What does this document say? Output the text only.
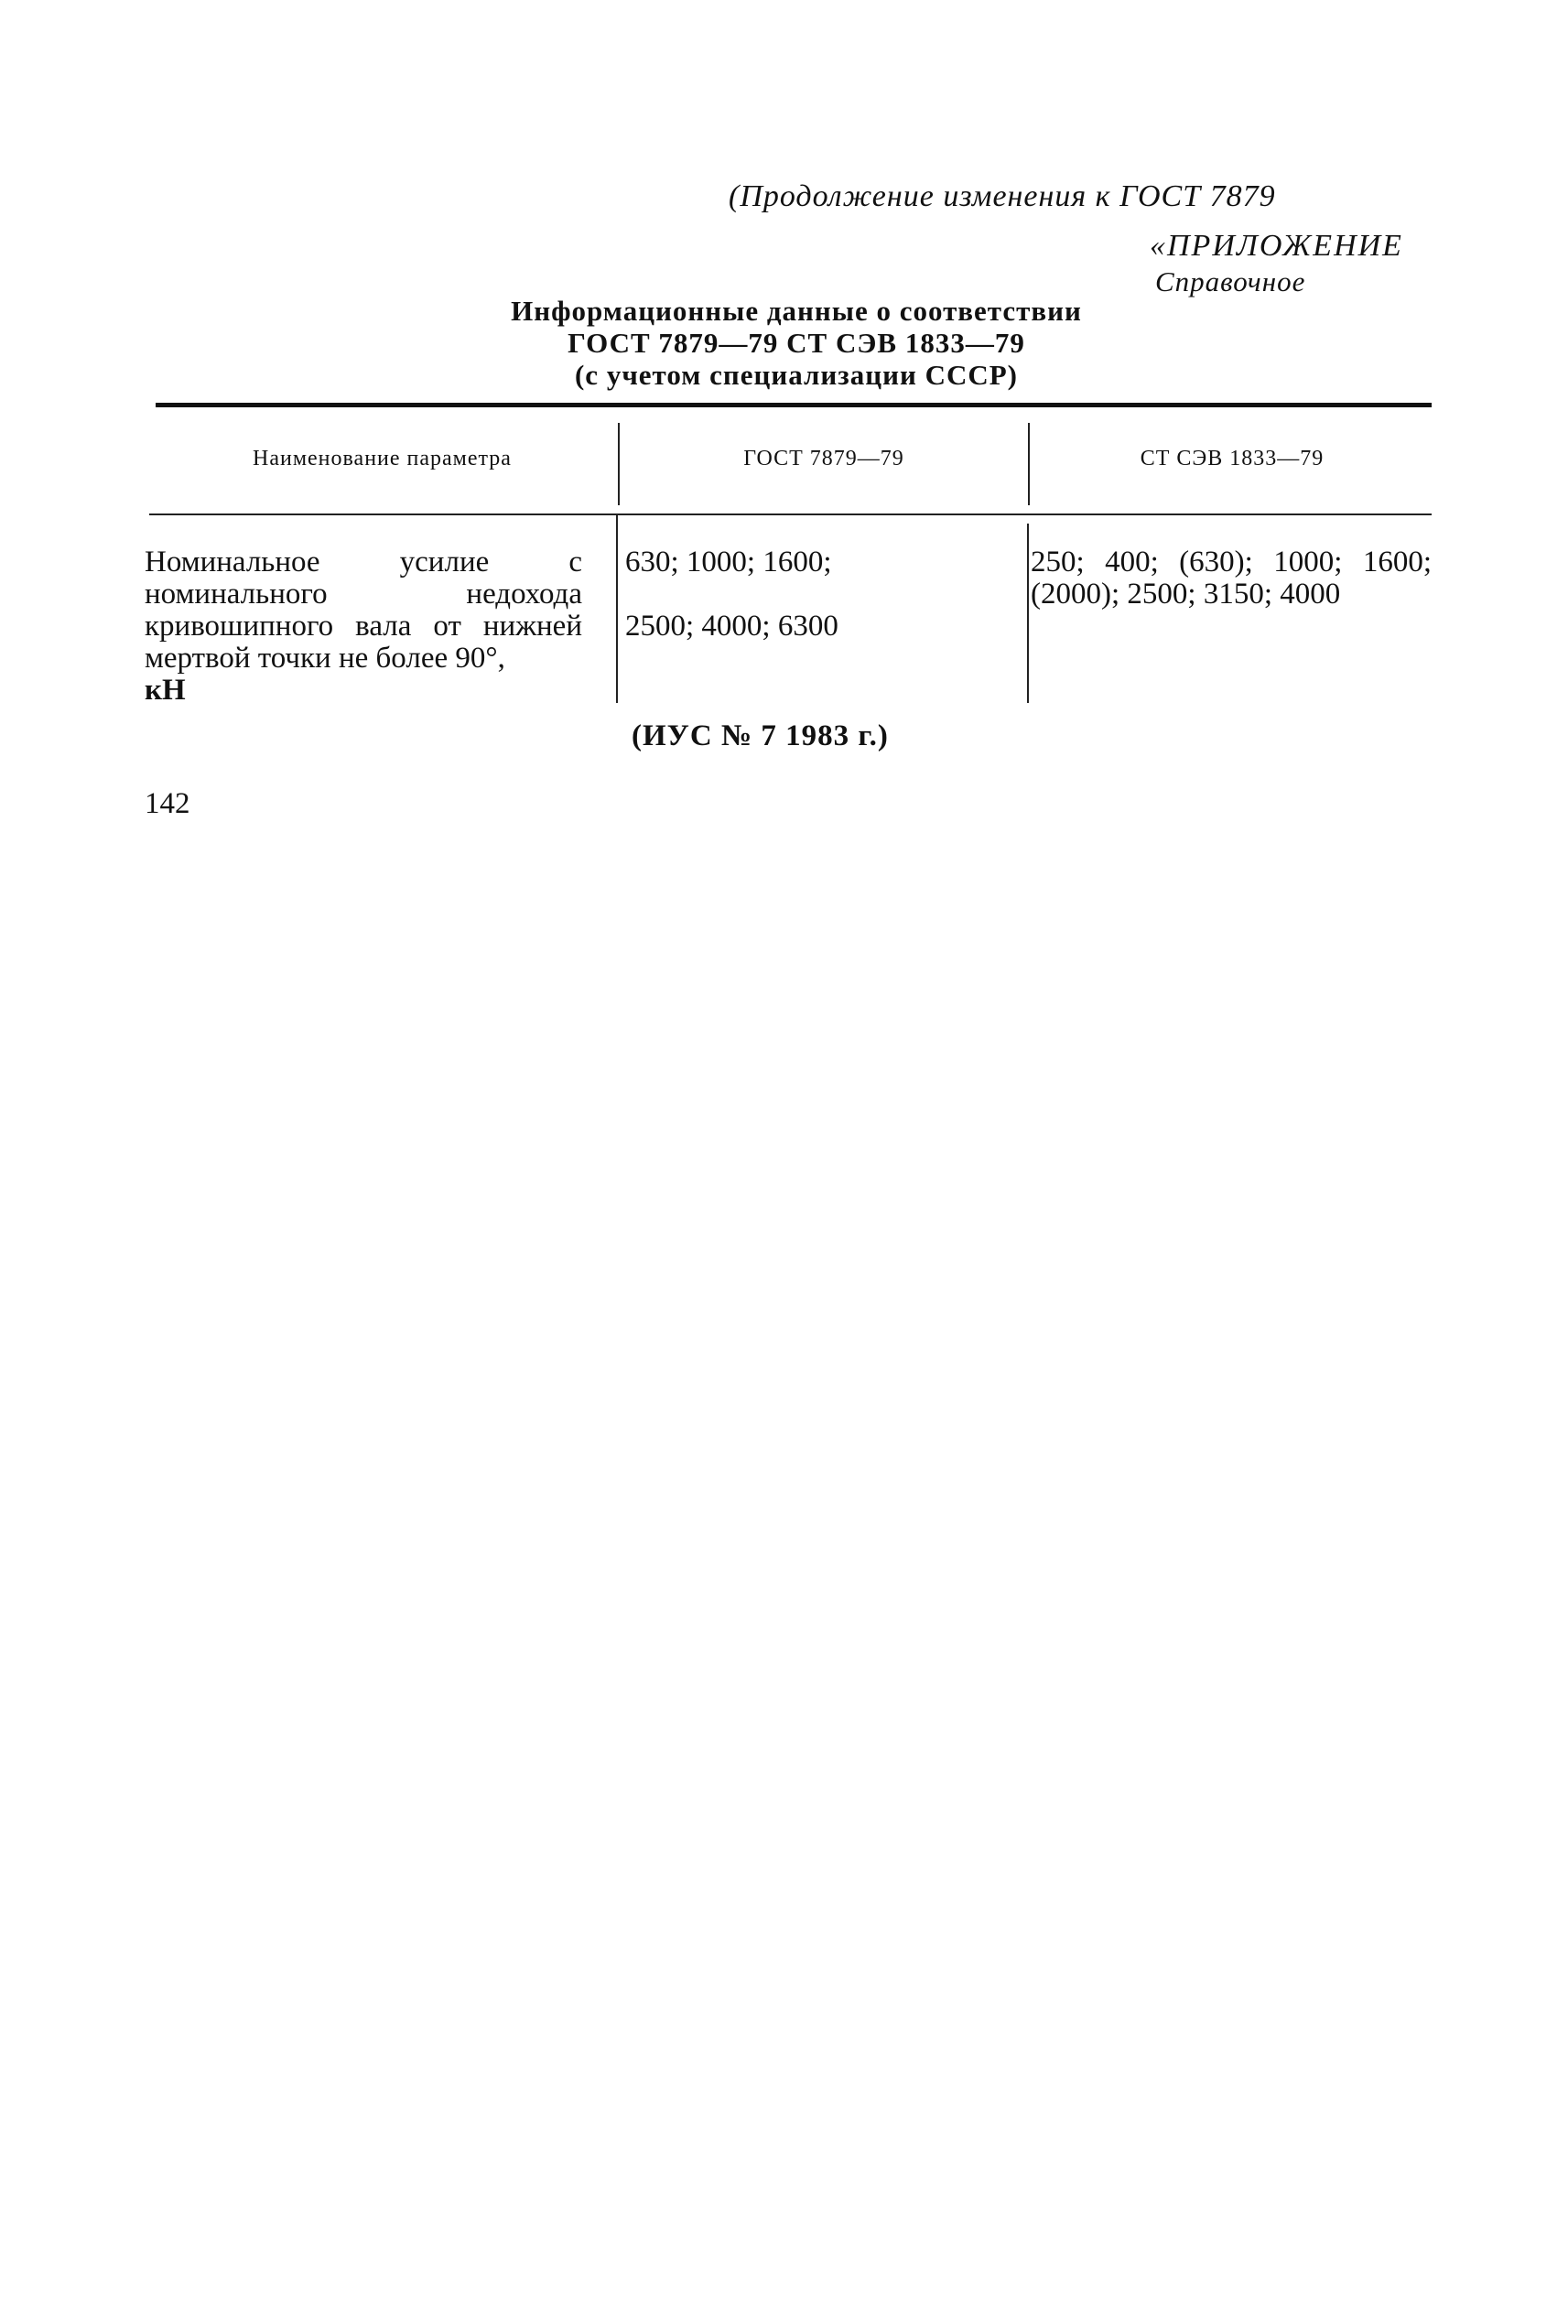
(Продолжение изменения к ГОСТ 7879
«ПРИЛОЖЕНИЕ
Справочное
Информационные данные о соответствии
ГОСТ 7879—79 СТ СЭВ 1833—79
(с учетом специализации СССР)
Наименование параметра	ГОСТ 7879—79	СТ СЭВ 1833—79
Номинальное усилие с номинального недохода кривошипного вала от нижней мертвой точки не более 90°,
кН
630; 1000; 1600;
2500; 4000; 6300
250; 400; (630); 1000; 1600; (2000); 2500; 3150; 4000
(ИУС № 7 1983 г.)
142
